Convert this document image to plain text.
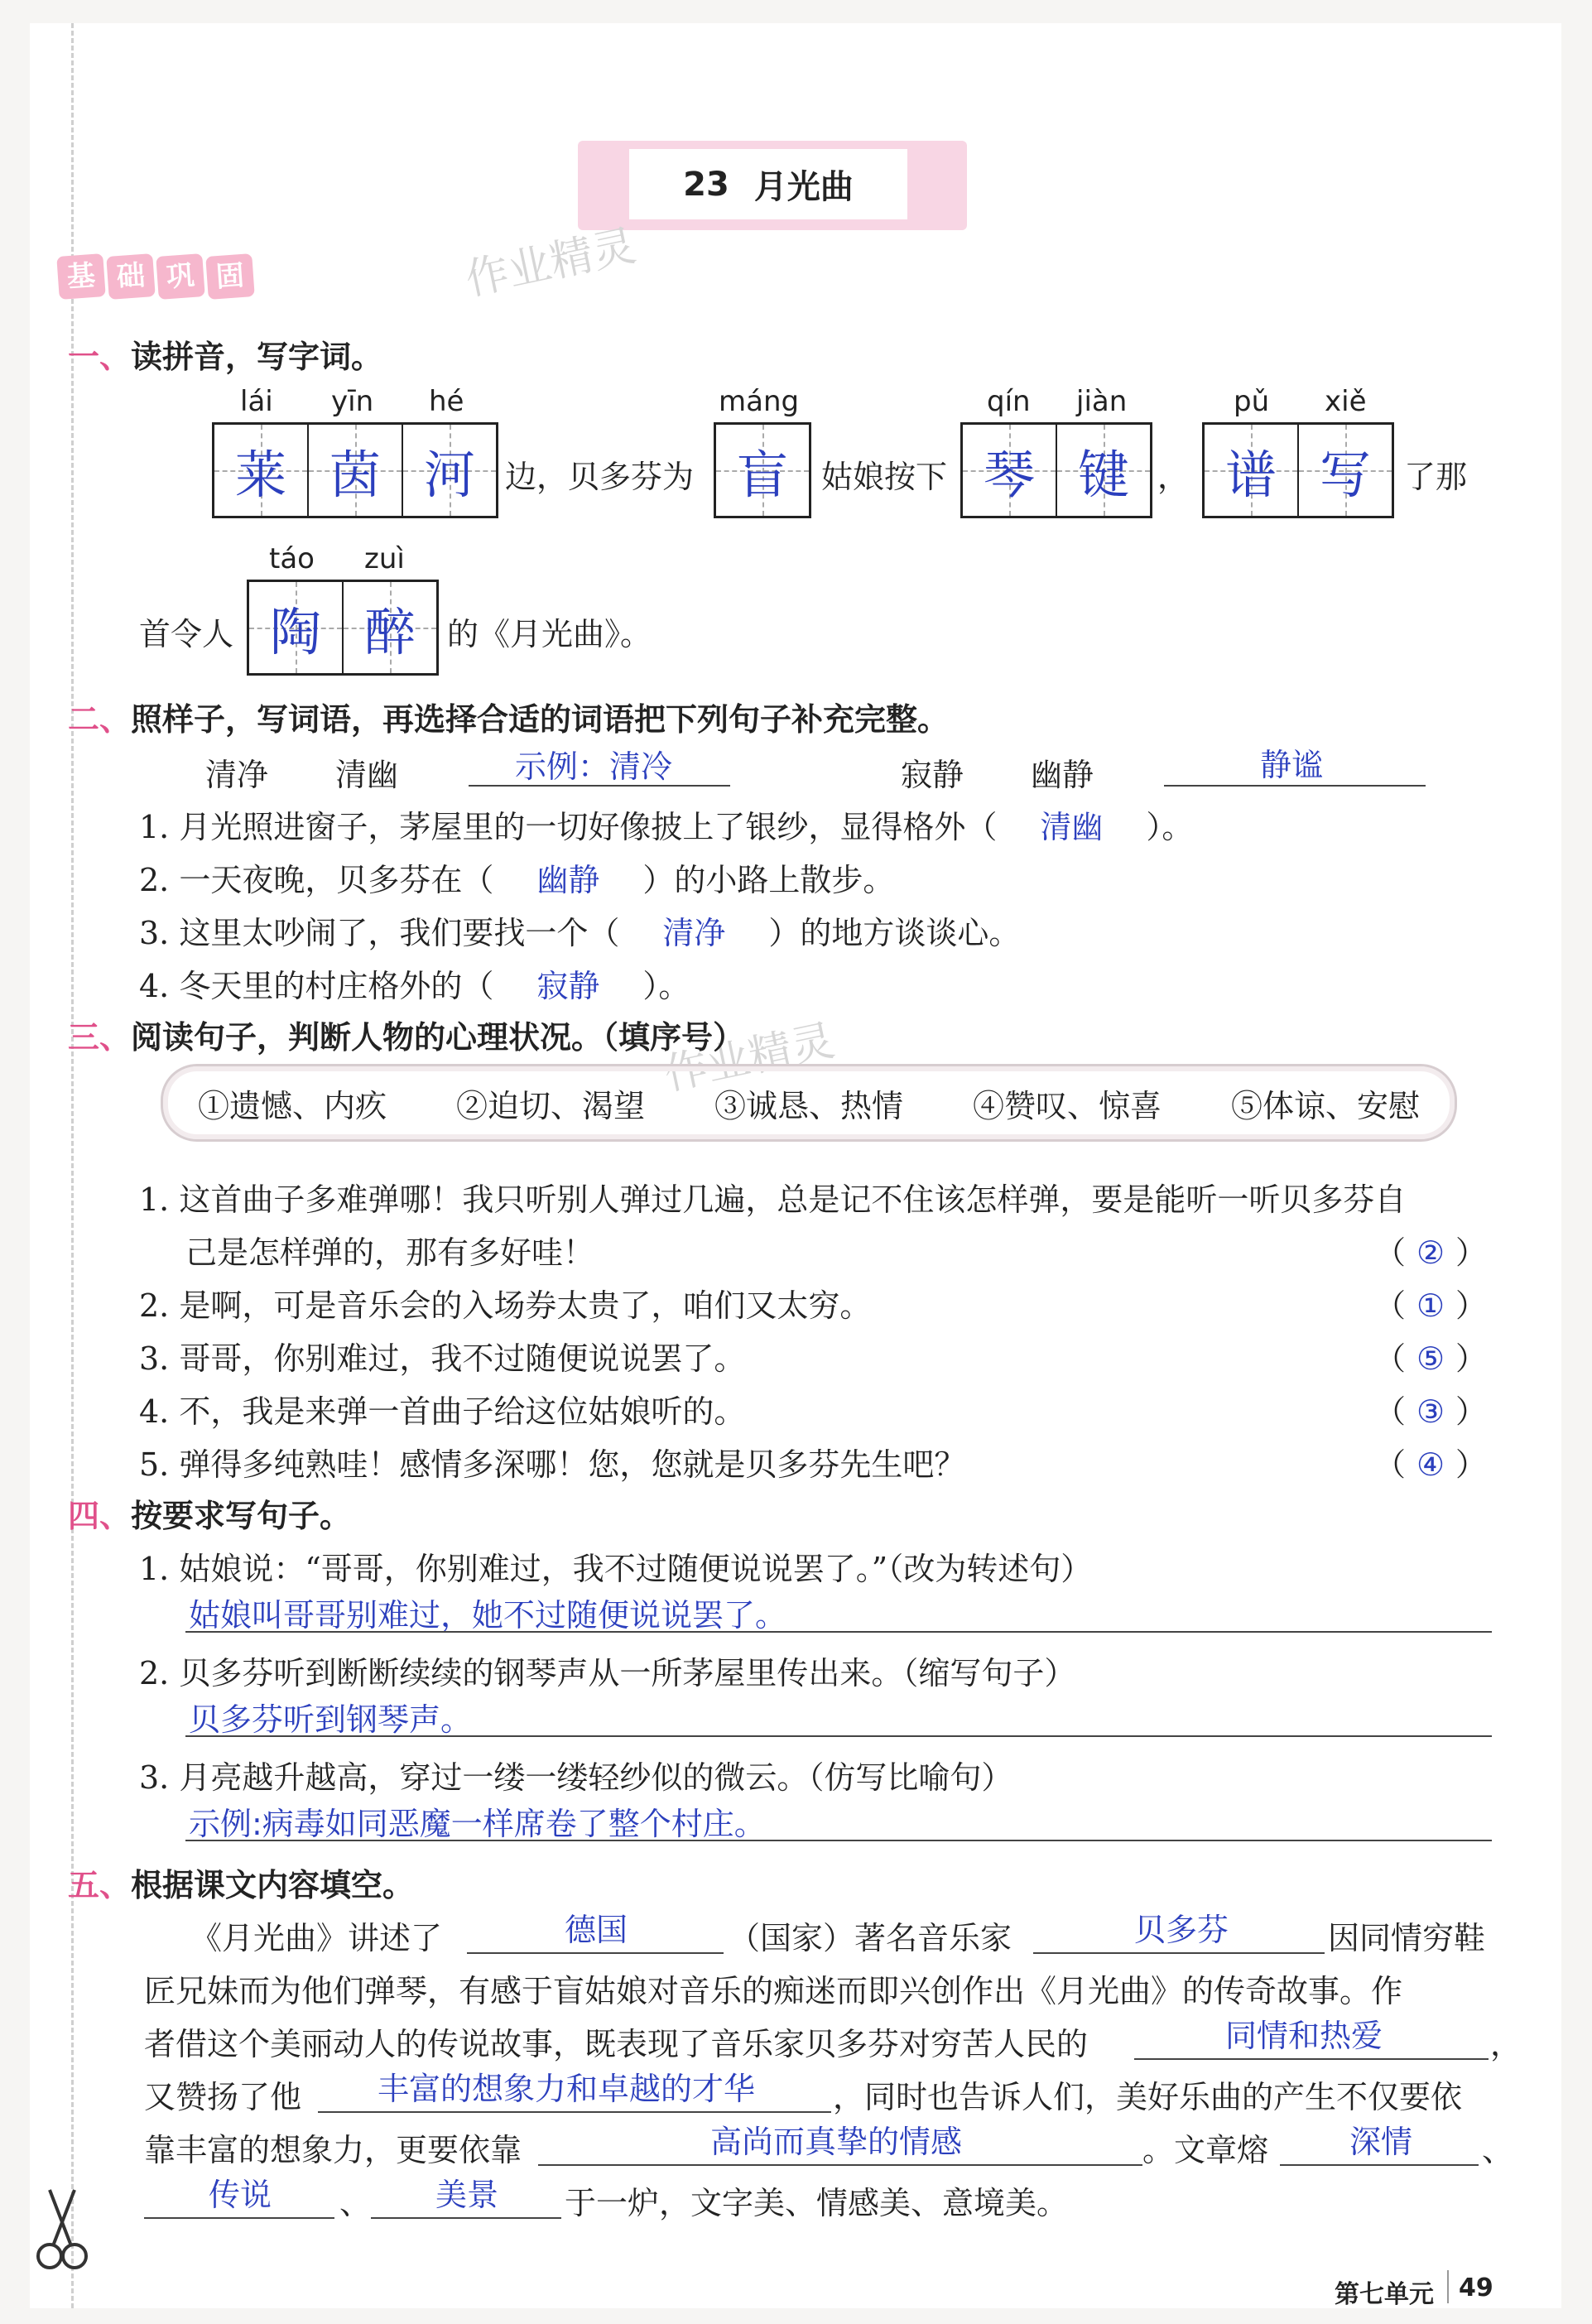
23 月光曲
基 础 巩 固	作业精灵
作业精灵
一、读拼音，写字词。
lái yīn hé	máng	qín jiàn	pǔ xiě
莱 茵 河 边，贝多芬为 盲 姑娘按下 琴 键 ， 谱 写 了那
táo zuì
首令人 陶 醉 的《月光曲》。
二、照样子，写词语，再选择合适的词语把下列句子补充完整。
清净 清幽	示例：清冷	寂静 幽静	静谧
1. 月光照进窗子，茅屋里的一切好像披上了银纱，显得格外（ 清幽 ）。
2. 一天夜晚，贝多芬在（ 幽静 ）的小路上散步。
3. 这里太吵闹了，我们要找一个（ 清净 ）的地方谈谈心。
4. 冬天里的村庄格外的（ 寂静 ）。
三、阅读句子，判断人物的心理状况。（填序号）
①遗憾、内疚 ②迫切、渴望 ③诚恳、热情 ④赞叹、惊喜 ⑤体谅、安慰
1. 这首曲子多难弹哪！我只听别人弹过几遍，总是记不住该怎样弹，要是能听一听贝多芬自
己是怎样弹的，那有多好哇！
2. 是啊，可是音乐会的入场券太贵了，咱们又太穷。
3. 哥哥，你别难过，我不过随便说说罢了。
4. 不，我是来弹一首曲子给这位姑娘听的。
5. 弹得多纯熟哇！感情多深哪！您，您就是贝多芬先生吧？
（ ② ）
（ ① ）
（ ⑤ ）
（ ③ ）
（ ④ ）
四、按要求写句子。
1. 姑娘说：“哥哥，你别难过，我不过随便说说罢了。”（改为转述句）
姑娘叫哥哥别难过，她不过随便说说罢了。
2. 贝多芬听到断断续续的钢琴声从一所茅屋里传出来。（缩写句子）
贝多芬听到钢琴声。
3. 月亮越升越高，穿过一缕一缕轻纱似的微云。（仿写比喻句）
示例:病毒如同恶魔一样席卷了整个村庄。
五、根据课文内容填空。
《月光曲》讲述了	德国	（国家）著名音乐家	贝多芬	因同情穷鞋
匠兄妹而为他们弹琴，有感于盲姑娘对音乐的痴迷而即兴创作出《月光曲》的传奇故事。作
者借这个美丽动人的传说故事，既表现了音乐家贝多芬对穷苦人民的	同情和热爱	，
又赞扬了他 丰富的想象力和卓越的才华 ，同时也告诉人们，美好乐曲的产生不仅要依
靠丰富的想象力，更要依靠	高尚而真挚的情感	。文章熔	深情 、
传说 、 美景 于一炉，文字美、情感美、意境美。
第七单元 49
